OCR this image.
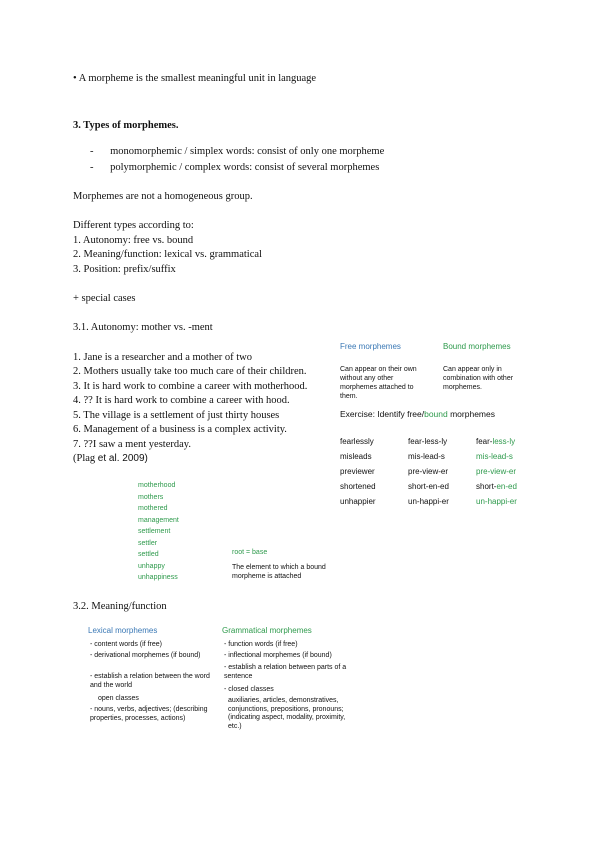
• A morpheme is the smallest meaningful unit in language
3. Types of morphemes.
- monomorphemic / simplex words: consist of only one morpheme
- polymorphemic / complex words: consist of several morphemes
Morphemes are not a homogeneous group.
Different types according to:
1. Autonomy: free vs. bound
2. Meaning/function: lexical vs. grammatical
3. Position: prefix/suffix
+ special cases
3.1. Autonomy: mother vs. -ment
1. Jane is a researcher and a mother of two
2. Mothers usually take too much care of their children.
3. It is hard work to combine a career with motherhood.
4. ?? It is hard work to combine a career with hood.
5. The village is a settlement of just thirty houses
6. Management of a business is a complex activity.
7. ??I saw a ment yesterday.
(Plag et al. 2009)
Free morphemes	Bound morphemes
Can appear on their own without any other morphemes attached to them.
Can appear only in combination with other morphemes.
Exercise: Identify free/bound morphemes
fearlessly	fear-less-ly	fear-less-ly
misleads	mis-lead-s	mis-lead-s
previewer	pre-view-er	pre-view-er
shortened	short-en-ed	short-en-ed
unhappier	un-happi-er	un-happi-er
motherhood
mothers
mothered
management
settlement
settler
settled
unhappy
unhappiness
root = base
The element to which a bound morpheme is attached
3.2. Meaning/function
Lexical morphemes	Grammatical morphemes
- content words (if free)
- derivational morphemes (if bound)
- establish a relation between the word and the world
open classes
- nouns, verbs, adjectives; (describing properties, processes, actions)
- function words (if free)
- inflectional morphemes (if bound)
- establish a relation between parts of a sentence
- closed classes
auxiliaries, articles, demonstratives, conjunctions, prepositions, pronouns; (indicating aspect, modality, proximity, etc.)
